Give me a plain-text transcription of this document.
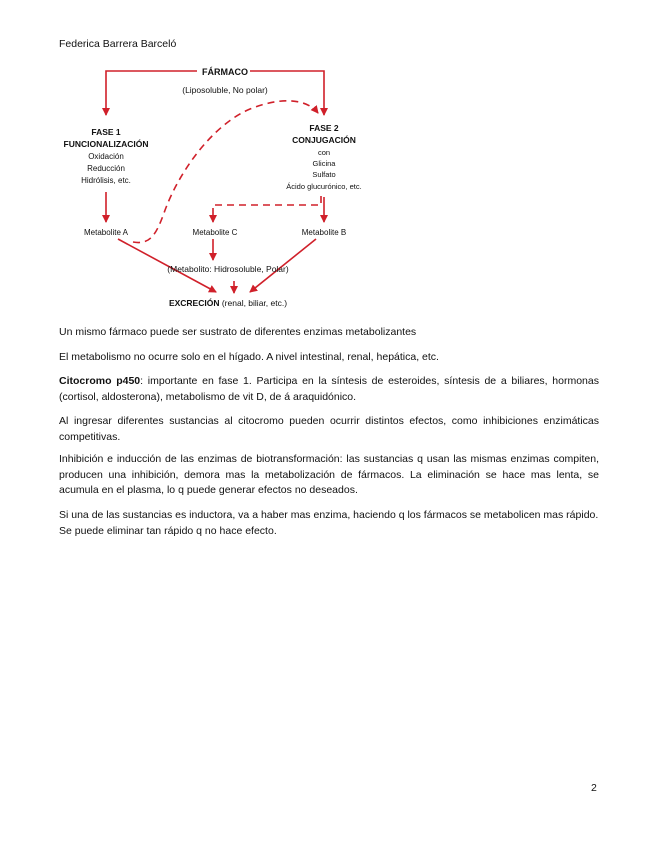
Federica Barrera Barceló
FÁRMACO
(Liposoluble, No polar)
FASE 1
FUNCIONALIZACIÓN
Oxidación
Reducción
Hidrólisis, etc.
FASE 2
CONJUGACIÓN
con
Glicina
Sulfato
Ácido glucurónico, etc.
Metabolite A	Metabolite C	Metabolite B
(Metabolito: Hidrosoluble, Polar)
EXCRECIÓN (renal, biliar, etc.)

Un mismo fármaco puede ser sustrato de diferentes enzimas metabolizantes

El metabolismo no ocurre solo en el hígado. A nivel intestinal, renal, hepática, etc.

Citocromo p450: importante en fase 1. Participa en la síntesis de esteroides, síntesis de a biliares, hormonas (cortisol, aldosterona), metabolismo de vit D, de á araquidónico.

Al ingresar diferentes sustancias al citocromo pueden ocurrir distintos efectos, como inhibiciones enzimáticas competitivas.

Inhibición e inducción de las enzimas de biotransformación: las sustancias q usan las mismas enzimas compiten, producen una inhibición, demora mas la metabolización de fármacos. La eliminación se hace mas lenta, se acumula en el plasma, lo q puede generar efectos no deseados.

Si una de las sustancias es inductora, va a haber mas enzima, haciendo q los fármacos se metabolicen mas rápido. Se puede eliminar tan rápido q no hace efecto.

2
